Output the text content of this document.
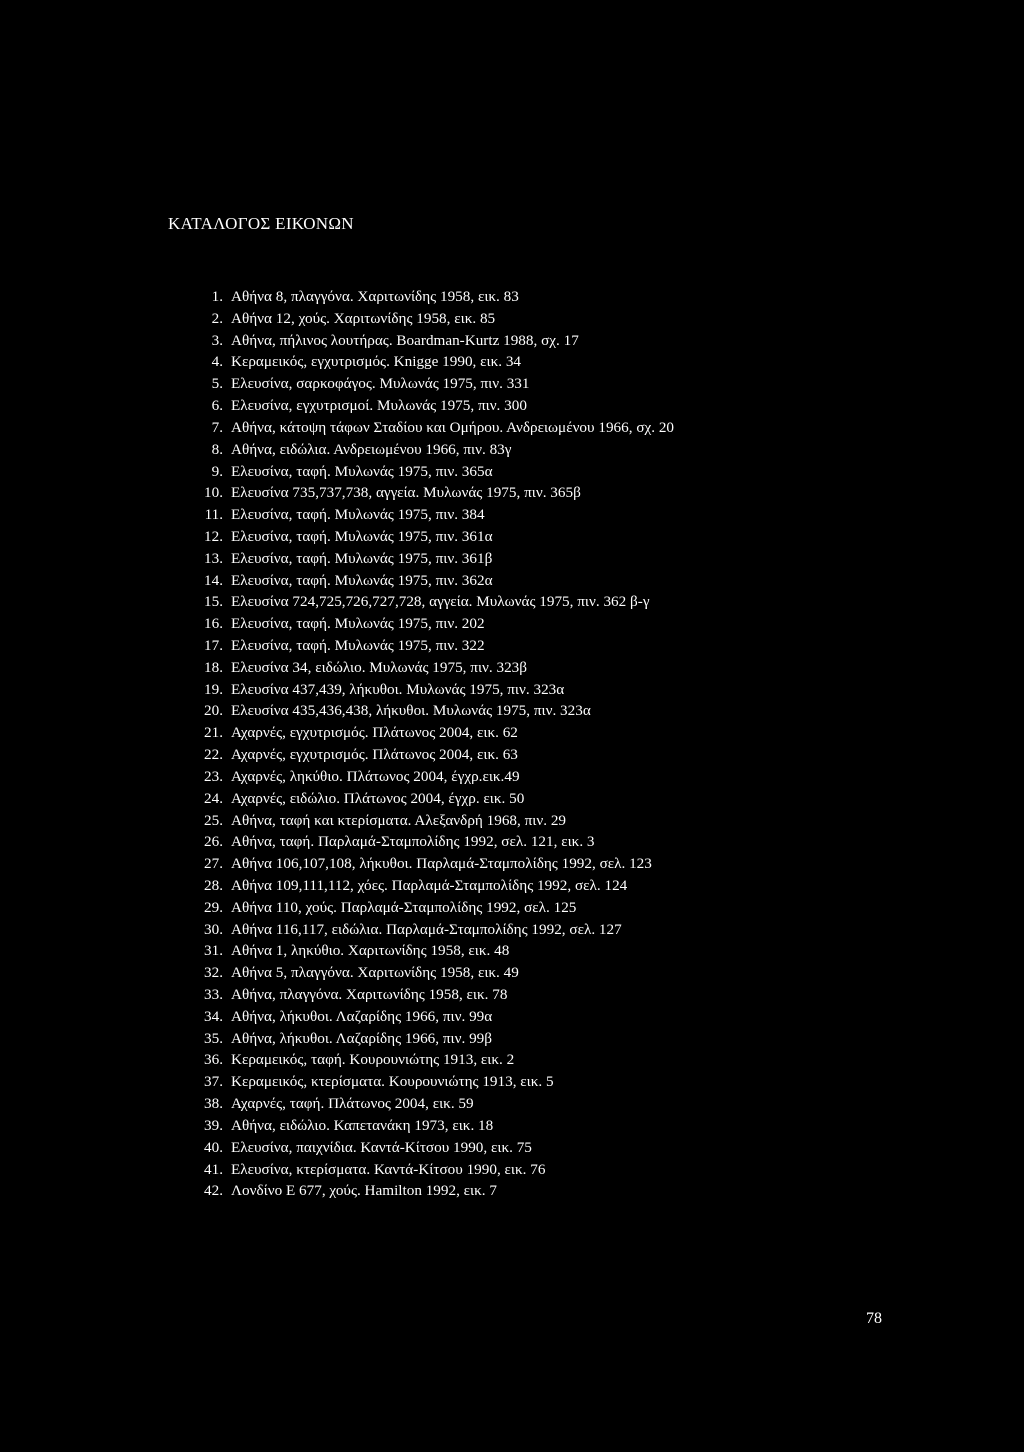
ΚΑΤΑΛΟΓΟΣ ΕΙΚΟΝΩΝ
1. Αθήνα 8, πλαγγόνα. Χαριτωνίδης 1958, εικ. 83
2. Αθήνα 12, χούς. Χαριτωνίδης 1958, εικ. 85
3. Αθήνα, πήλινος λουτήρας. Boardman-Kurtz 1988, σχ. 17
4. Κεραμεικός, εγχυτρισμός. Knigge 1990, εικ. 34
5. Ελευσίνα, σαρκοφάγος. Μυλωνάς 1975, πιν. 331
6. Ελευσίνα, εγχυτρισμοί. Μυλωνάς 1975, πιν. 300
7. Αθήνα, κάτοψη τάφων Σταδίου και Ομήρου. Ανδρειωμένου 1966, σχ. 20
8. Αθήνα, ειδώλια. Ανδρειωμένου 1966, πιν. 83γ
9. Ελευσίνα, ταφή. Μυλωνάς 1975, πιν. 365α
10. Ελευσίνα 735,737,738, αγγεία. Μυλωνάς 1975, πιν. 365β
11. Ελευσίνα, ταφή. Μυλωνάς 1975, πιν. 384
12. Ελευσίνα, ταφή. Μυλωνάς 1975, πιν. 361α
13. Ελευσίνα, ταφή. Μυλωνάς 1975, πιν. 361β
14. Ελευσίνα, ταφή. Μυλωνάς 1975, πιν. 362α
15. Ελευσίνα 724,725,726,727,728, αγγεία. Μυλωνάς 1975, πιν. 362 β-γ
16. Ελευσίνα, ταφή. Μυλωνάς 1975, πιν. 202
17. Ελευσίνα, ταφή. Μυλωνάς 1975, πιν. 322
18. Ελευσίνα 34, ειδώλιο. Μυλωνάς 1975, πιν. 323β
19. Ελευσίνα 437,439, λήκυθοι. Μυλωνάς 1975, πιν. 323α
20. Ελευσίνα 435,436,438, λήκυθοι. Μυλωνάς 1975, πιν. 323α
21. Αχαρνές, εγχυτρισμός. Πλάτωνος 2004, εικ. 62
22. Αχαρνές, εγχυτρισμός. Πλάτωνος 2004, εικ. 63
23. Αχαρνές, ληκύθιο. Πλάτωνος 2004, έγχρ.εικ.49
24. Αχαρνές, ειδώλιο. Πλάτωνος 2004, έγχρ. εικ. 50
25. Αθήνα, ταφή και κτερίσματα. Αλεξανδρή 1968, πιν. 29
26. Αθήνα, ταφή. Παρλαμά-Σταμπολίδης 1992, σελ. 121, εικ. 3
27. Αθήνα 106,107,108, λήκυθοι. Παρλαμά-Σταμπολίδης 1992, σελ. 123
28. Αθήνα 109,111,112, χόες. Παρλαμά-Σταμπολίδης 1992, σελ. 124
29. Αθήνα 110, χούς. Παρλαμά-Σταμπολίδης 1992, σελ. 125
30. Αθήνα 116,117, ειδώλια. Παρλαμά-Σταμπολίδης 1992, σελ. 127
31. Αθήνα 1, ληκύθιο. Χαριτωνίδης 1958, εικ. 48
32. Αθήνα 5, πλαγγόνα. Χαριτωνίδης 1958, εικ. 49
33. Αθήνα, πλαγγόνα. Χαριτωνίδης 1958, εικ. 78
34. Αθήνα, λήκυθοι. Λαζαρίδης 1966, πιν. 99α
35. Αθήνα, λήκυθοι. Λαζαρίδης 1966, πιν. 99β
36. Κεραμεικός, ταφή. Κουρουνιώτης 1913, εικ. 2
37. Κεραμεικός, κτερίσματα. Κουρουνιώτης 1913, εικ. 5
38. Αχαρνές, ταφή. Πλάτωνος 2004, εικ. 59
39. Αθήνα, ειδώλιο. Καπετανάκη 1973, εικ. 18
40. Ελευσίνα, παιχνίδια. Καντά-Κίτσου 1990, εικ. 75
41. Ελευσίνα, κτερίσματα. Καντά-Κίτσου 1990, εικ. 76
42. Λονδίνο Ε 677, χούς. Hamilton 1992, εικ. 7
78
